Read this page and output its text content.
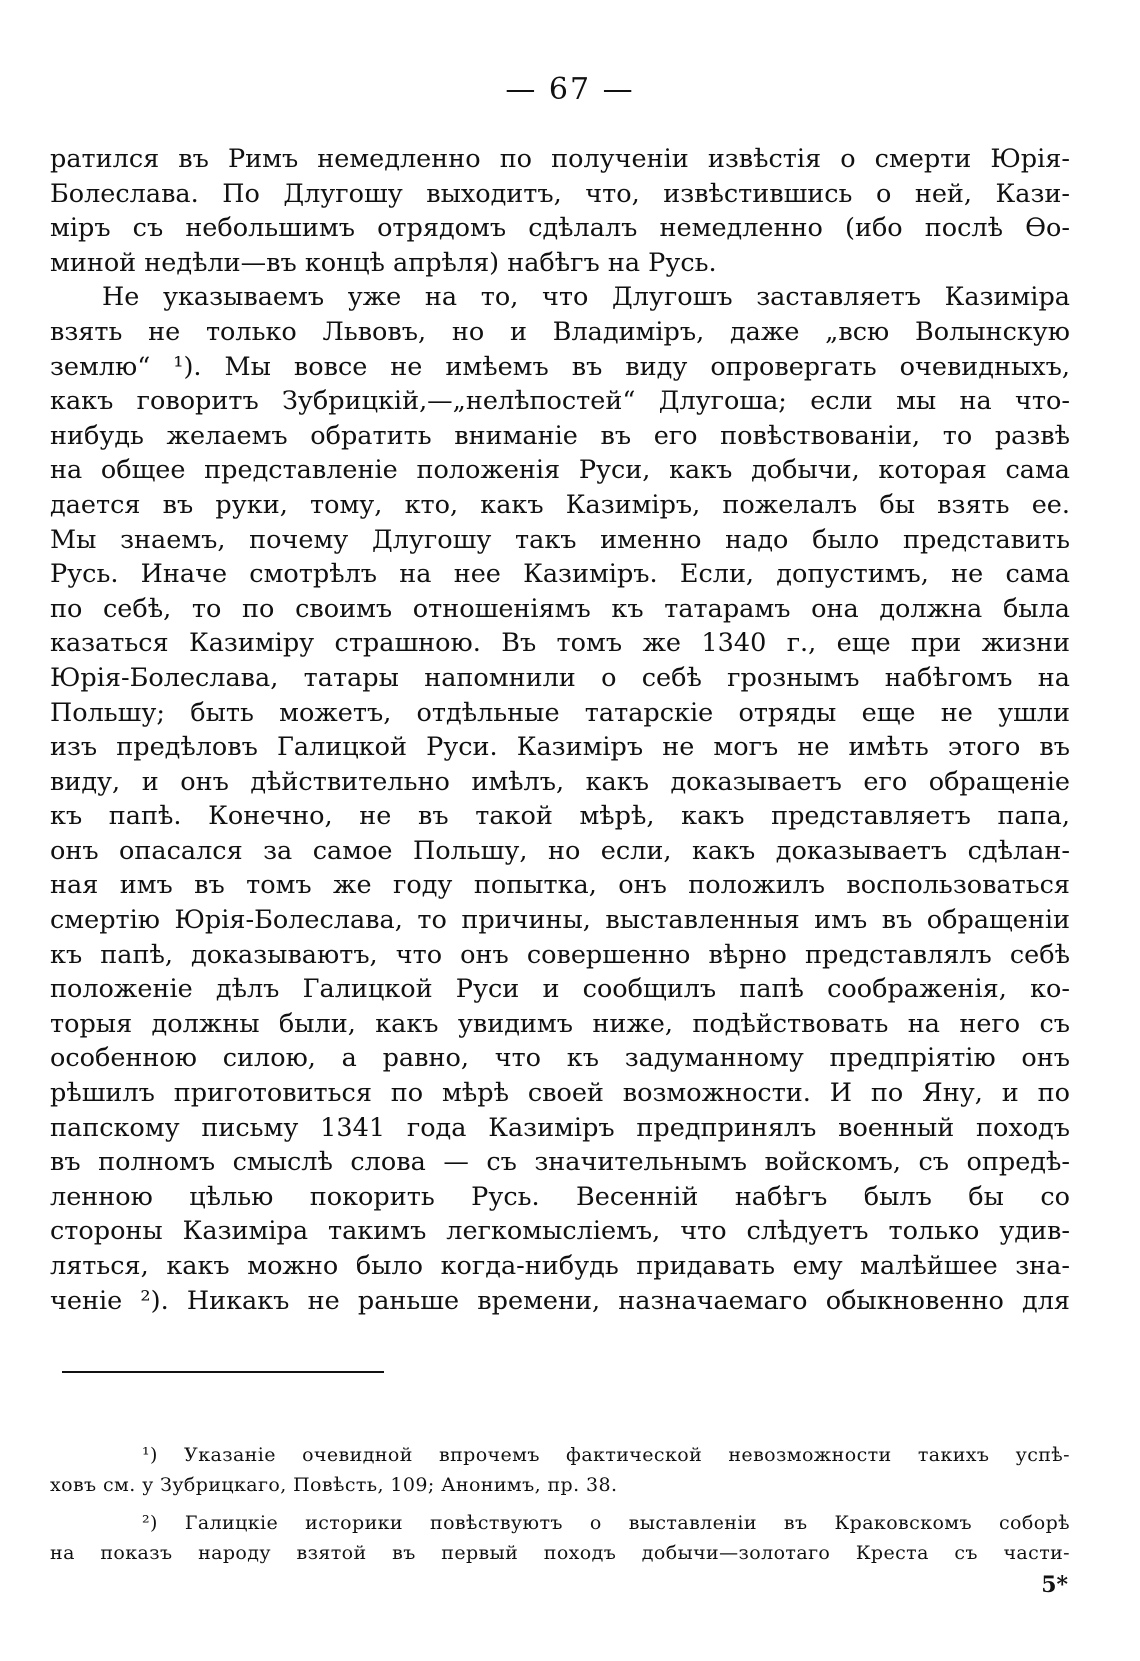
— 67 —
ратился въ Римъ немедленно по полученіи извѣстія о смерти Юрія-
Болеслава. По Длугошу выходитъ, что, извѣстившись о ней, Кази-
міръ съ небольшимъ отрядомъ сдѣлалъ немедленно (ибо послѣ Ѳо-
миной недѣли—въ концѣ апрѣля) набѣгъ на Русь.
Не указываемъ уже на то, что Длугошъ заставляетъ Казиміра
взять не только Львовъ, но и Владиміръ, даже „всю Волынскую
землю“ ¹). Мы вовсе не имѣемъ въ виду опровергать очевидныхъ,
какъ говоритъ Зубрицкій,—„нелѣпостей“ Длугоша; если мы на что-
нибудь желаемъ обратить вниманіе въ его повѣствованіи, то развѣ
на общее представленіе положенія Руси, какъ добычи, которая сама
дается въ руки, тому, кто, какъ Казиміръ, пожелалъ бы взять ее.
Мы знаемъ, почему Длугошу такъ именно надо было представить
Русь. Иначе смотрѣлъ на нее Казиміръ. Если, допустимъ, не сама
по себѣ, то по своимъ отношеніямъ къ татарамъ она должна была
казаться Казиміру страшною. Въ томъ же 1340 г., еще при жизни
Юрія-Болеслава, татары напомнили о себѣ грознымъ набѣгомъ на
Польшу; быть можетъ, отдѣльные татарскіе отряды еще не ушли
изъ предѣловъ Галицкой Руси. Казиміръ не могъ не имѣть этого въ
виду, и онъ дѣйствительно имѣлъ, какъ доказываетъ его обращеніе
къ папѣ. Конечно, не въ такой мѣрѣ, какъ представляетъ папа,
онъ опасался за самое Польшу, но если, какъ доказываетъ сдѣлан-
ная имъ въ томъ же году попытка, онъ положилъ воспользоваться
смертію Юрія-Болеслава, то причины, выставленныя имъ въ обращеніи
къ папѣ, доказываютъ, что онъ совершенно вѣрно представлялъ себѣ
положеніе дѣлъ Галицкой Руси и сообщилъ папѣ соображенія, ко-
торыя должны были, какъ увидимъ ниже, подѣйствовать на него съ
особенною силою, а равно, что къ задуманному предпріятію онъ
рѣшилъ приготовиться по мѣрѣ своей возможности. И по Яну, и по
папскому письму 1341 года Казиміръ предпринялъ военный походъ
въ полномъ смыслѣ слова — съ значительнымъ войскомъ, съ опредѣ-
ленною цѣлью покорить Русь. Весенній набѣгъ былъ бы со
стороны Казиміра такимъ легкомысліемъ, что слѣдуетъ только удив-
ляться, какъ можно было когда-нибудь придавать ему малѣйшее зна-
ченіе ²). Никакъ не раньше времени, назначаемаго обыкновенно для
¹) Указаніе очевидной впрочемъ фактической невозможности такихъ успѣ-
ховъ см. у Зубрицкаго, Повѣсть, 109; Анонимъ, пр. 38.
²) Галицкіе историки повѣствуютъ о выставленіи въ Краковскомъ соборѣ
на показъ народу взятой въ первый походъ добычи—золотаго Креста съ части-
5*
